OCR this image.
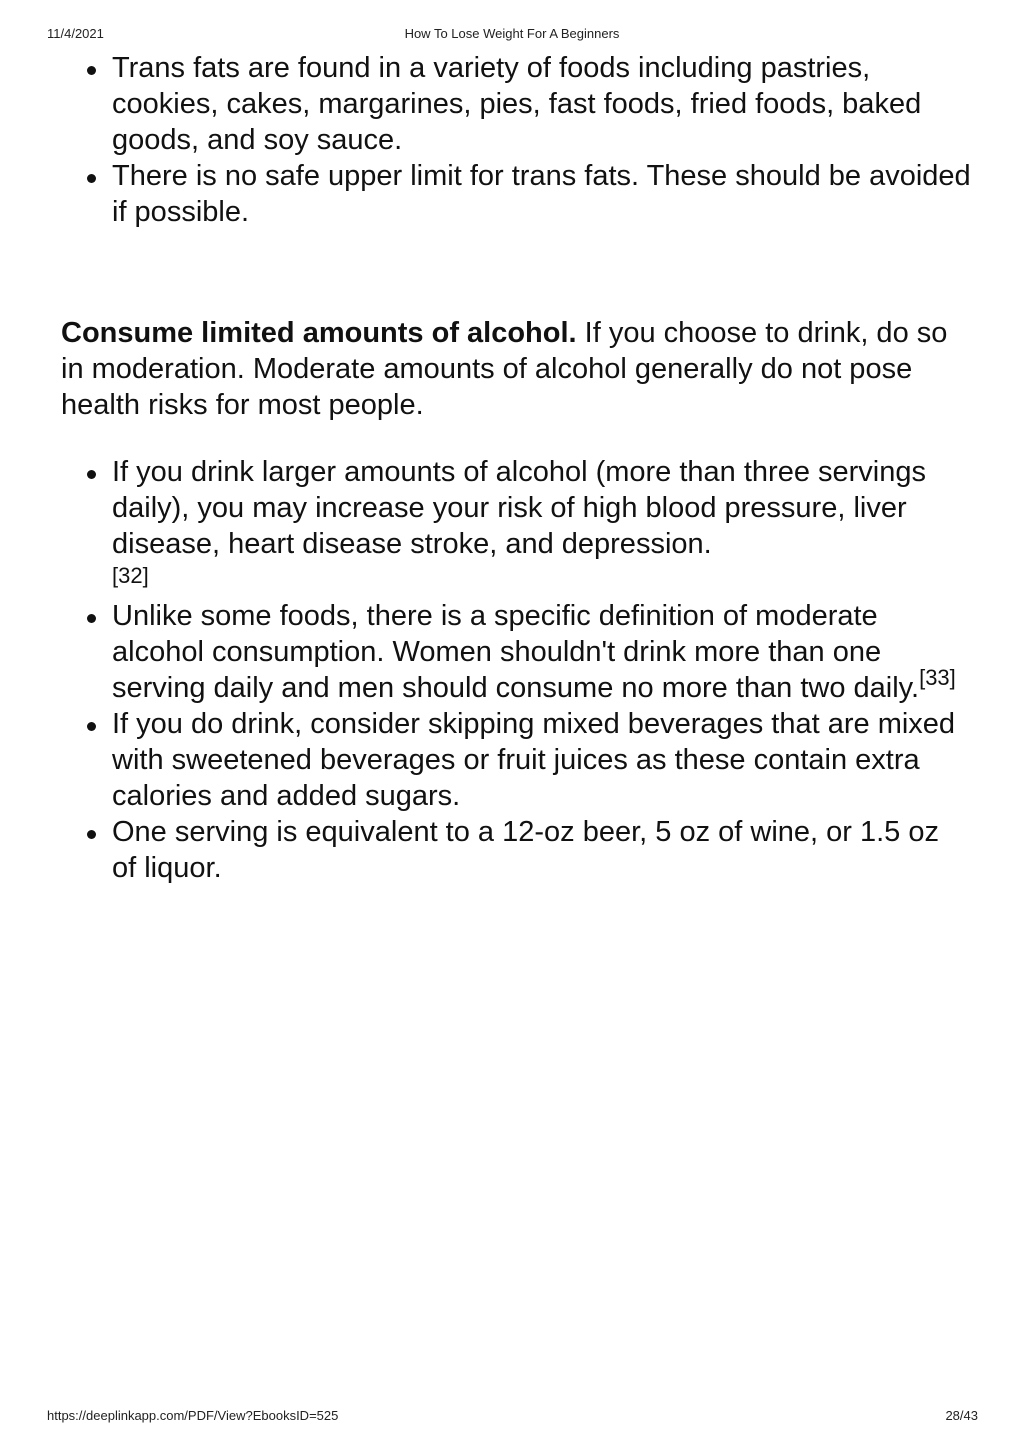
11/4/2021	How To Lose Weight For A Beginners
Trans fats are found in a variety of foods including pastries, cookies, cakes, margarines, pies, fast foods, fried foods, baked goods, and soy sauce.
There is no safe upper limit for trans fats. These should be avoided if possible.

Consume limited amounts of alcohol. If you choose to drink, do so in moderation. Moderate amounts of alcohol generally do not pose health risks for most people.

If you drink larger amounts of alcohol (more than three servings daily), you may increase your risk of high blood pressure, liver disease, heart disease stroke, and depression.
[32]
Unlike some foods, there is a specific definition of moderate alcohol consumption. Women shouldn't drink more than one serving daily and men should consume no more than two daily.[33]
If you do drink, consider skipping mixed beverages that are mixed with sweetened beverages or fruit juices as these contain extra calories and added sugars.
One serving is equivalent to a 12-oz beer, 5 oz of wine, or 1.5 oz of liquor.
https://deeplinkapp.com/PDF/View?EbooksID=525	28/43
